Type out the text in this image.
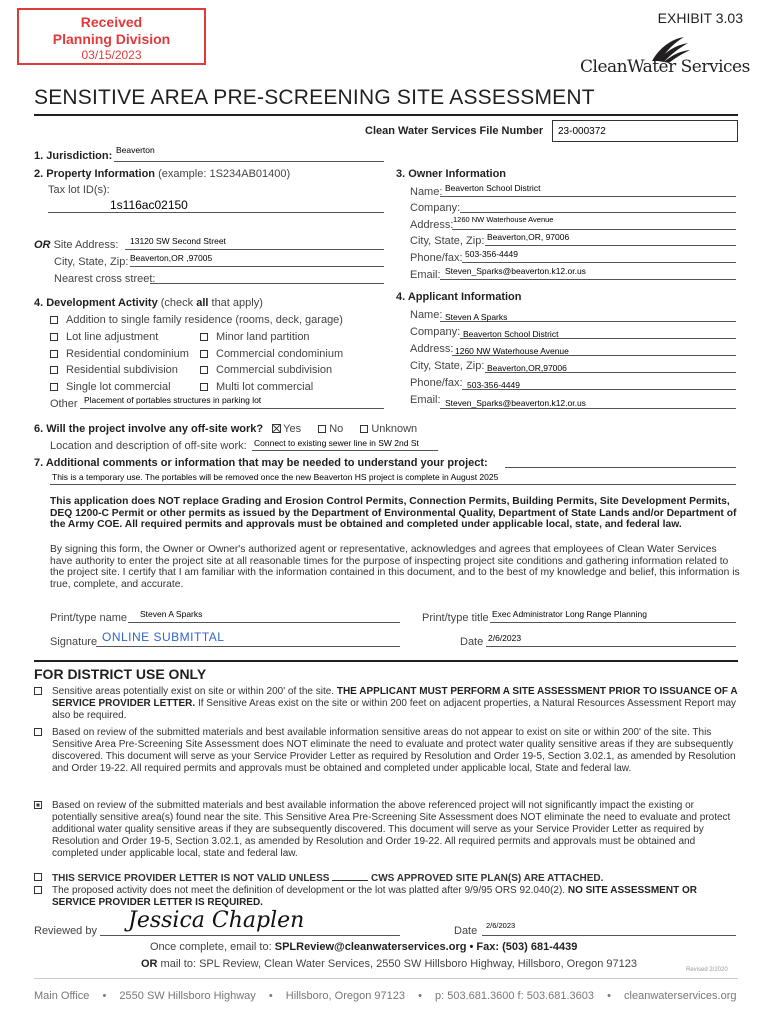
Received
Planning Division
03/15/2023
EXHIBIT 3.03
CleanWater Services
SENSITIVE AREA PRE-SCREENING SITE ASSESSMENT
Clean Water Services File Number 23-000372
1. Jurisdiction: Beaverton
2. Property Information (example: 1S234AB01400)
Tax lot ID(s):
1s116ac02150
OR Site Address: 13120 SW Second Street
City, State, Zip: Beaverton,OR ,97005
Nearest cross street:
3. Owner Information
Name: Beaverton School District
Company:
Address: 1260 NW Waterhouse Avenue
City, State, Zip: Beaverton,OR, 97006
Phone/fax: 503-356-4449
Email: Steven_Sparks@beaverton.k12.or.us
4. Development Activity (check all that apply)
Addition to single family residence (rooms, deck, garage)
Lot line adjustment	Minor land partition
Residential condominium	Commercial condominium
Residential subdivision	Commercial subdivision
Single lot commercial	Multi lot commercial
Other Placement of portables structures in parking lot
4. Applicant Information
Name: Steven A Sparks
Company: Beaverton School District
Address: 1260 NW Waterhouse Avenue
City, State, Zip: Beaverton,OR,97006
Phone/fax: 503-356-4449
Email: Steven_Sparks@beaverton.k12.or.us
6. Will the project involve any off-site work? Yes	No	Unknown
Location and description of off-site work: Connect to existing sewer line in SW 2nd St
7. Additional comments or information that may be needed to understand your project:
This is a temporary use. The portables will be removed once the new Beaverton HS project is complete in August 2025
This application does NOT replace Grading and Erosion Control Permits, Connection Permits, Building Permits, Site Development Permits, DEQ 1200-C Permit or other permits as issued by the Department of Environmental Quality, Department of State Lands and/or Department of the Army COE. All required permits and approvals must be obtained and completed under applicable local, state, and federal law.
By signing this form, the Owner or Owner's authorized agent or representative, acknowledges and agrees that employees of Clean Water Services have authority to enter the project site at all reasonable times for the purpose of inspecting project site conditions and gathering information related to the project site. I certify that I am familiar with the information contained in this document, and to the best of my knowledge and belief, this information is true, complete, and accurate.
Print/type name Steven A Sparks	Print/type title Exec Administrator Long Range Planning
Signature ONLINE SUBMITTAL	Date 2/6/2023
FOR DISTRICT USE ONLY
Sensitive areas potentially exist on site or within 200' of the site. THE APPLICANT MUST PERFORM A SITE ASSESSMENT PRIOR TO ISSUANCE OF A SERVICE PROVIDER LETTER. If Sensitive Areas exist on the site or within 200 feet on adjacent properties, a Natural Resources Assessment Report may also be required.
Based on review of the submitted materials and best available information sensitive areas do not appear to exist on site or within 200' of the site. This Sensitive Area Pre-Screening Site Assessment does NOT eliminate the need to evaluate and protect water quality sensitive areas if they are subsequently discovered. This document will serve as your Service Provider Letter as required by Resolution and Order 19-5, Section 3.02.1, as amended by Resolution and Order 19-22. All required permits and approvals must be obtained and completed under applicable local, State and federal law.
Based on review of the submitted materials and best available information the above referenced project will not significantly impact the existing or potentially sensitive area(s) found near the site. This Sensitive Area Pre-Screening Site Assessment does NOT eliminate the need to evaluate and protect additional water quality sensitive areas if they are subsequently discovered. This document will serve as your Service Provider Letter as required by Resolution and Order 19-5, Section 3.02.1, as amended by Resolution and Order 19-22. All required permits and approvals must be obtained and completed under applicable local, state and federal law.
THIS SERVICE PROVIDER LETTER IS NOT VALID UNLESS	CWS APPROVED SITE PLAN(S) ARE ATTACHED.
The proposed activity does not meet the definition of development or the lot was platted after 9/9/95 ORS 92.040(2). NO SITE ASSESSMENT OR SERVICE PROVIDER LETTER IS REQUIRED.
Reviewed by Jessica Chaplen	Date 2/6/2023
Once complete, email to: SPLReview@cleanwaterservices.org • Fax: (503) 681-4439
OR mail to: SPL Review, Clean Water Services, 2550 SW Hillsboro Highway, Hillsboro, Oregon 97123	Revised 2/2020
Main Office • 2550 SW Hillsboro Highway • Hillsboro, Oregon 97123 • p: 503.681.3600 f: 503.681.3603 • cleanwaterservices.org
